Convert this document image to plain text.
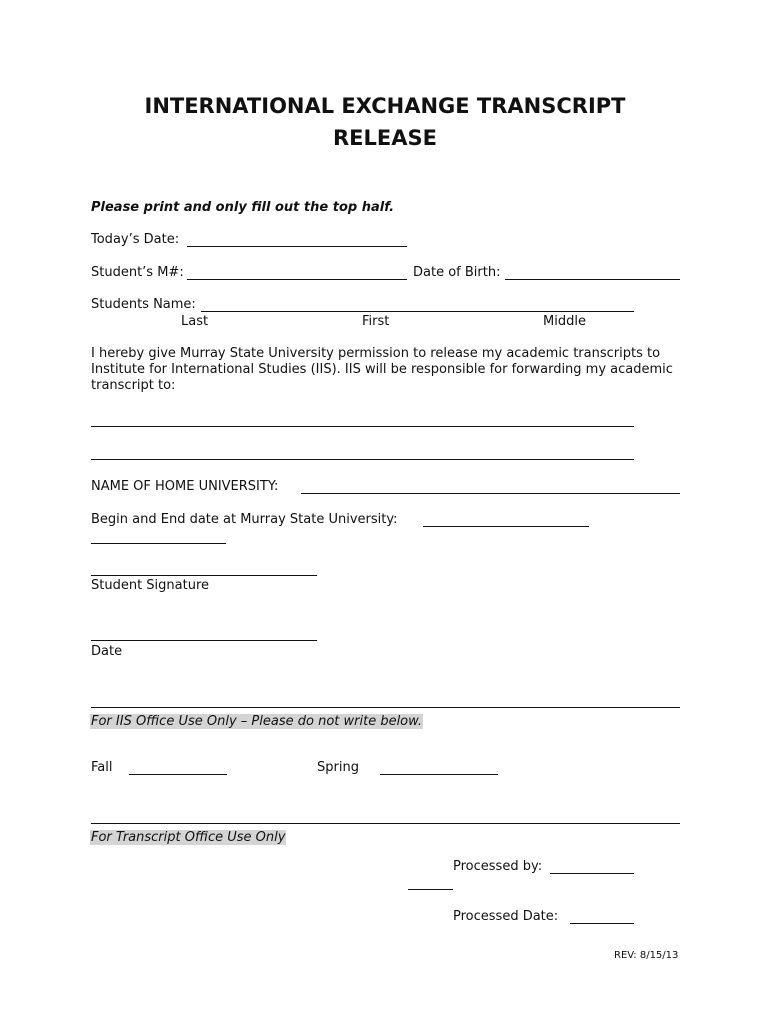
INTERNATIONAL EXCHANGE TRANSCRIPT
RELEASE
Please print and only fill out the top half.
Today’s Date:
Student’s M#:	Date of Birth:
Students Name:
Last	First	Middle
I hereby give Murray State University permission to release my academic transcripts to Institute for International Studies (IIS). IIS will be responsible for forwarding my academic transcript to:
NAME OF HOME UNIVERSITY:
Begin and End date at Murray State University:
Student Signature
Date
For IIS Office Use Only – Please do not write below.
Fall	Spring
For Transcript Office Use Only
Processed by:
Processed Date:
REV: 8/15/13
